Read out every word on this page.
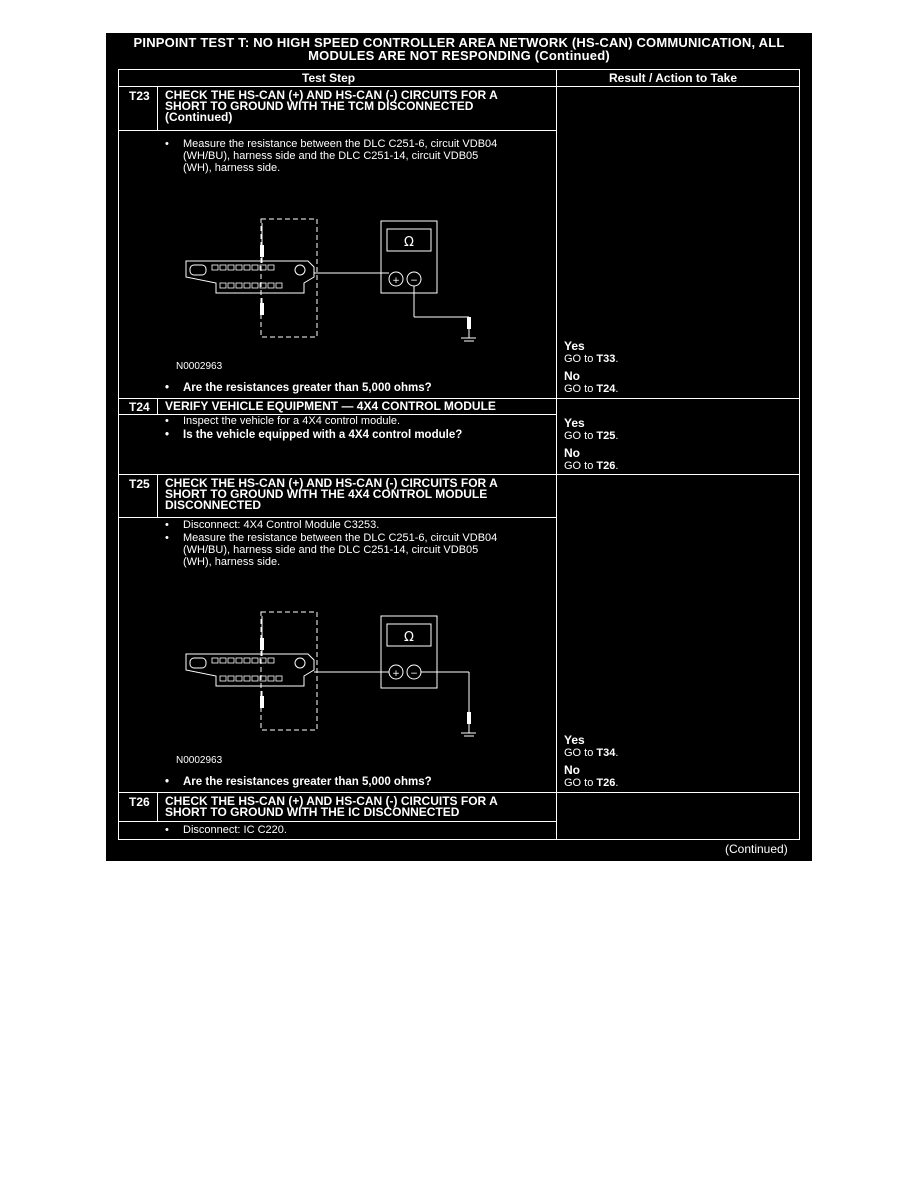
PINPOINT TEST T: NO HIGH SPEED CONTROLLER AREA NETWORK (HS-CAN) COMMUNICATION, ALL
MODULES ARE NOT RESPONDING (Continued)
Test Step	Result / Action to Take
T23 CHECK THE HS-CAN (+) AND HS-CAN (-) CIRCUITS FOR A
SHORT TO GROUND WITH THE TCM DISCONNECTED
(Continued)
• Measure the resistance between the DLC C251-6, circuit VDB04
(WH/BU), harness side and the DLC C251-14, circuit VDB05
(WH), harness side.
Ω
+ −
N0002963
• Are the resistances greater than 5,000 ohms?
Yes
GO to T33.
No
GO to T24.
T24 VERIFY VEHICLE EQUIPMENT — 4X4 CONTROL MODULE
• Inspect the vehicle for a 4X4 control module.
• Is the vehicle equipped with a 4X4 control module?
Yes
GO to T25.
No
GO to T26.
T25 CHECK THE HS-CAN (+) AND HS-CAN (-) CIRCUITS FOR A
SHORT TO GROUND WITH THE 4X4 CONTROL MODULE
DISCONNECTED
• Disconnect: 4X4 Control Module C3253.
• Measure the resistance between the DLC C251-6, circuit VDB04
(WH/BU), harness side and the DLC C251-14, circuit VDB05
(WH), harness side.
Ω
+ −
N0002963
• Are the resistances greater than 5,000 ohms?
Yes
GO to T34.
No
GO to T26.
T26 CHECK THE HS-CAN (+) AND HS-CAN (-) CIRCUITS FOR A
SHORT TO GROUND WITH THE IC DISCONNECTED
• Disconnect: IC C220.
(Continued)
